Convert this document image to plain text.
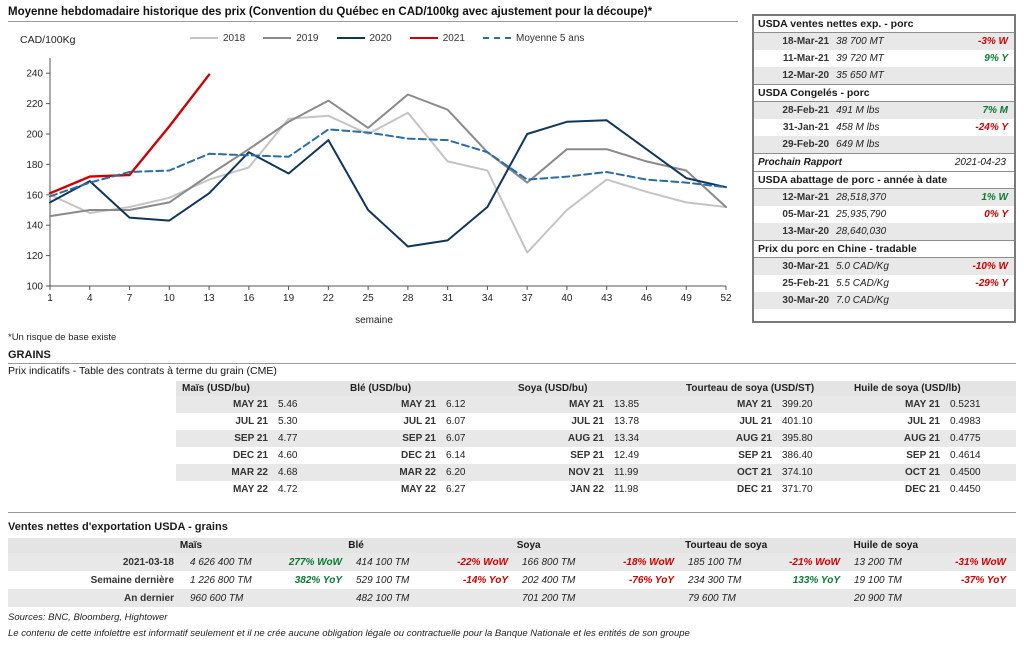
Moyenne hebdomadaire historique des prix (Convention du Québec en CAD/100kg avec ajustement pour la découpe)*
CAD/100Kg	2018	2019	2020	2021	Moyenne 5 ans
100
120
140
160
180
200
220
240
1	4	7	10	13	16	19	22	25	28	31	34	37	40	43	46	49	52
semaine
*Un risque de base existe
USDA ventes nettes exp. - porc
18-Mar-21 38 700 MT	-3% W
11-Mar-21 39 720 MT	9% Y
12-Mar-20 35 650 MT
USDA Congelés - porc
28-Feb-21 491 M lbs	7% M
31-Jan-21 458 M lbs	-24% Y
29-Feb-20 649 M lbs
Prochain Rapport	2021-04-23
USDA abattage de porc - année à date
12-Mar-21 28,518,370	1% W
05-Mar-21 25,935,790	0% Y
13-Mar-20 28,640,030
Prix du porc en Chine - tradable
30-Mar-21 5.0 CAD/Kg	-10% W
25-Feb-21 5.5 CAD/Kg	-29% Y
30-Mar-20 7.0 CAD/Kg
GRAINS
Prix indicatifs - Table des contrats à terme du grain (CME)
Maïs (USD/bu)
MAY 21	5.46
JUL 21	5.30
SEP 21	4.77
DEC 21	4.60
MAR 22	4.68
MAY 22	4.72
Blé (USD/bu)
MAY 21	6.12
JUL 21	6.07
SEP 21	6.07
DEC 21	6.14
MAR 22	6.20
MAY 22	6.27
Soya (USD/bu)
MAY 21	13.85
JUL 21	13.78
AUG 21	13.34
SEP 21	12.49
NOV 21	11.99
JAN 22	11.98
Tourteau de soya (USD/ST)
MAY 21	399.20
JUL 21	401.10
AUG 21	395.80
SEP 21	386.40
OCT 21	374.10
DEC 21	371.70
Huile de soya (USD/lb)
MAY 21	0.5231
JUL 21	0.4983
AUG 21	0.4775
SEP 21	0.4614
OCT 21	0.4500
DEC 21	0.4450
Ventes nettes d'exportation USDA - grains
Maïs	Blé	Soya	Tourteau de soya	Huile de soya
2021-03-18	4 626 400 TM	277% WoW	414 100 TM	-22% WoW	166 800 TM	-18% WoW	185 100 TM	-21% WoW	13 200 TM	-31% WoW
Semaine dernière	1 226 800 TM	382% YoY	529 100 TM	-14% YoY	202 400 TM	-76% YoY	234 300 TM	133% YoY	19 100 TM	-37% YoY
An dernier	960 600 TM	482 100 TM	701 200 TM	79 600 TM	20 900 TM
Sources: BNC, Bloomberg, Hightower
Le contenu de cette infolettre est informatif seulement et il ne crée aucune obligation légale ou contractuelle pour la Banque Nationale et les entités de son groupe
